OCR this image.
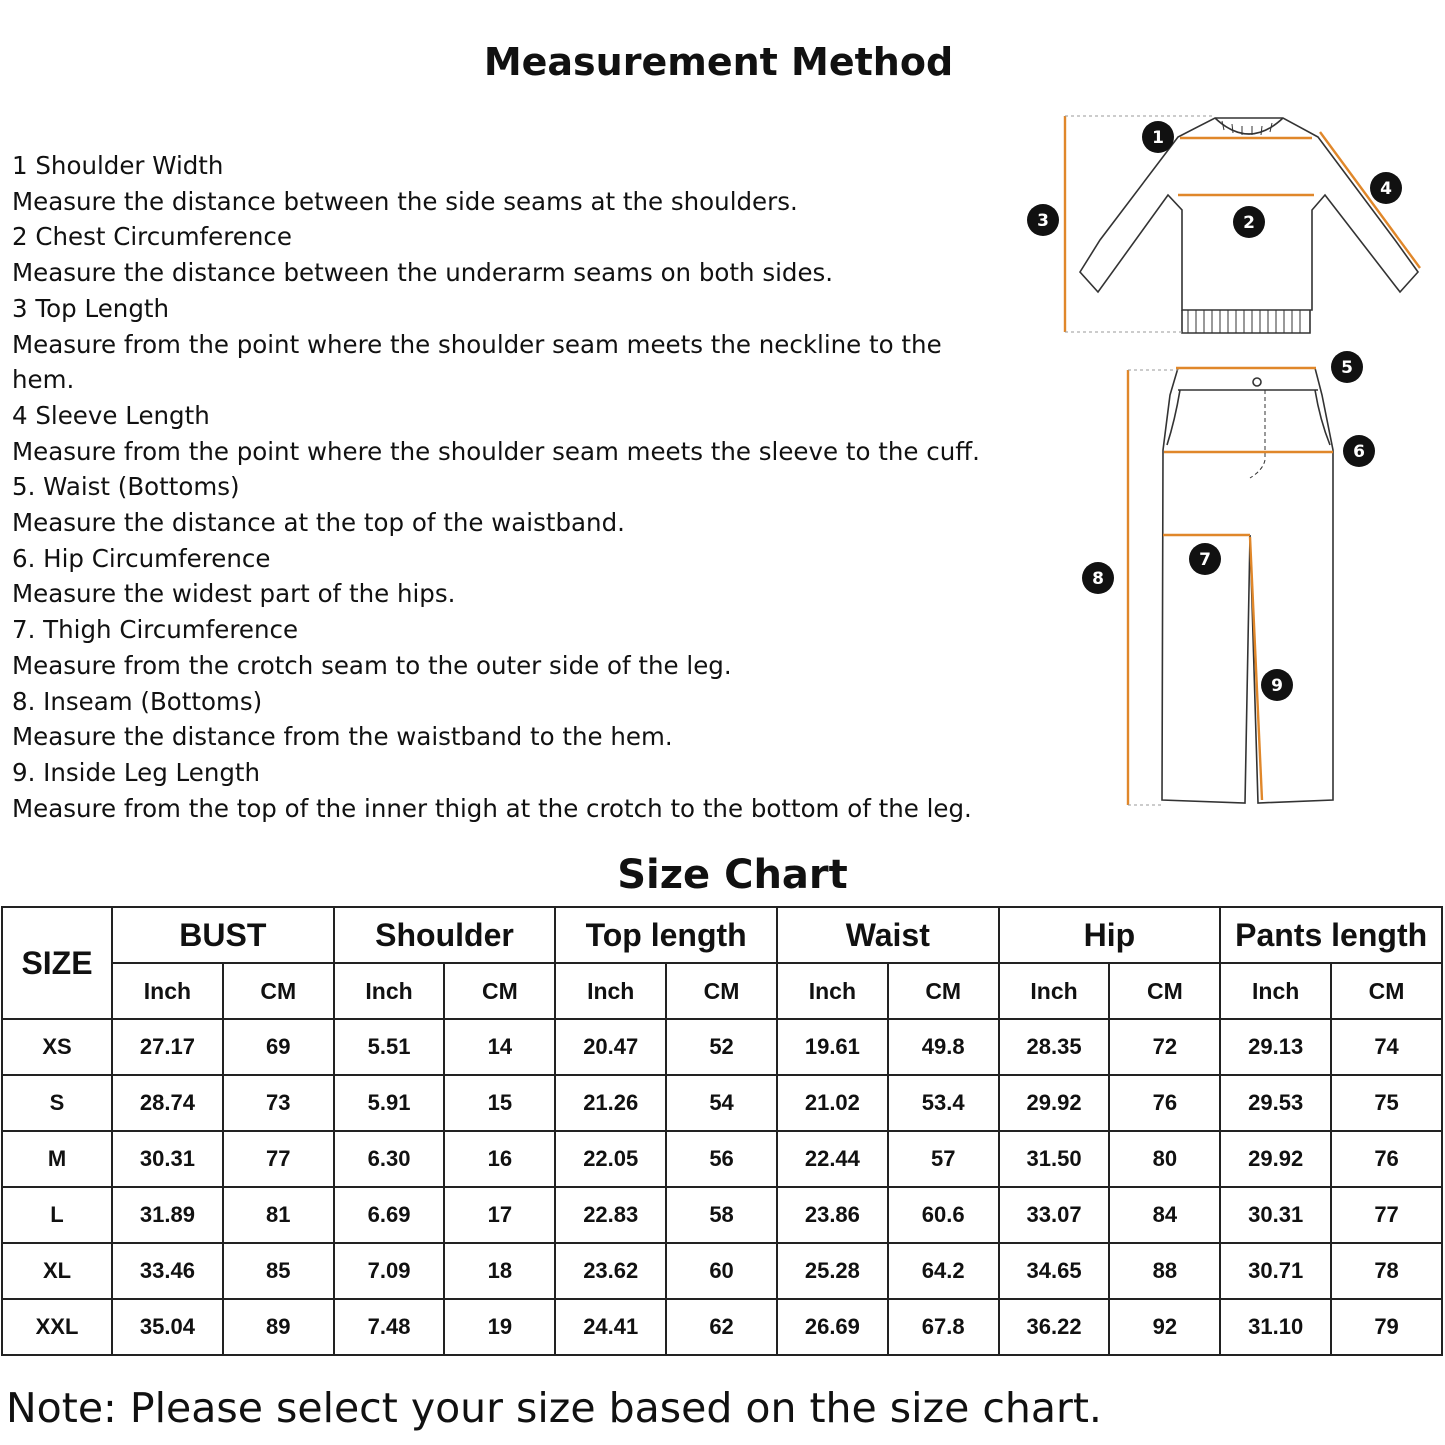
Measurement Method
1 Shoulder Width
Measure the distance between the side seams at the shoulders.
2 Chest Circumference
Measure the distance between the underarm seams on both sides.
3 Top Length
Measure from the point where the shoulder seam meets the neckline to the hem.
4 Sleeve Length
Measure from the point where the shoulder seam meets the sleeve to the cuff.
5. Waist (Bottoms)
Measure the distance at the top of the waistband.
6. Hip Circumference
Measure the widest part of the hips.
7. Thigh Circumference
Measure from the crotch seam to the outer side of the leg.
8. Inseam (Bottoms)
Measure the distance from the waistband to the hem.
9. Inside Leg Length
Measure from the top of the inner thigh at the crotch to the bottom of the leg.
1
2
3
4
5
6
7
8
9
Size Chart
SIZE	BUST		Shoulder		Top length		Waist		Hip		Pants length	
	Inch	CM	Inch	CM	Inch	CM	Inch	CM	Inch	CM	Inch	CM
XS	27.17	69	5.51	14	20.47	52	19.61	49.8	28.35	72	29.13	74
S	28.74	73	5.91	15	21.26	54	21.02	53.4	29.92	76	29.53	75
M	30.31	77	6.30	16	22.05	56	22.44	57	31.50	80	29.92	76
L	31.89	81	6.69	17	22.83	58	23.86	60.6	33.07	84	30.31	77
XL	33.46	85	7.09	18	23.62	60	25.28	64.2	34.65	88	30.71	78
XXL	35.04	89	7.48	19	24.41	62	26.69	67.8	36.22	92	31.10	79
Note: Please select your size based on the size chart.
